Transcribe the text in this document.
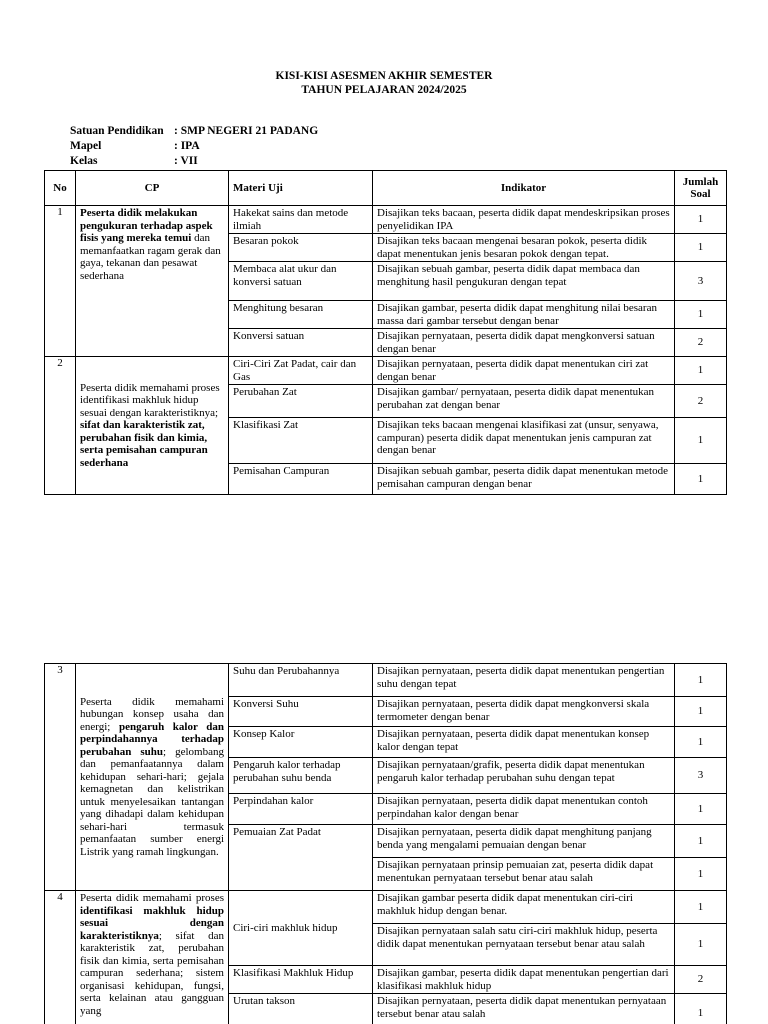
KISI-KISI ASESMEN AKHIR SEMESTER
TAHUN PELAJARAN 2024/2025
Satuan Pendidikan : SMP NEGERI 21 PADANG
Mapel	: IPA
Kelas	: VII
No	CP	Materi Uji	Indikator	Jumlah Soal
1	Peserta didik melakukan pengukuran terhadap aspek fisis yang mereka temui dan memanfaatkan ragam gerak dan gaya, tekanan dan pesawat sederhana	Hakekat sains dan metode ilmiah	Disajikan teks bacaan, peserta didik dapat mendeskripsikan proses penyelidikan IPA	1
		Besaran pokok	Disajikan teks bacaan mengenai besaran pokok, peserta didik dapat menentukan jenis besaran pokok dengan tepat.	1
		Membaca alat ukur dan konversi satuan	Disajikan sebuah gambar, peserta didik dapat membaca dan menghitung hasil pengukuran dengan tepat	3
		Menghitung besaran	Disajikan gambar, peserta didik dapat menghitung nilai besaran massa dari gambar tersebut dengan benar	1
		Konversi satuan	Disajikan pernyataan, peserta didik dapat mengkonversi satuan dengan benar	2
2	Peserta didik memahami proses identifikasi makhluk hidup sesuai dengan karakteristiknya; sifat dan karakteristik zat, perubahan fisik dan kimia, serta pemisahan campuran sederhana	Ciri-Ciri Zat Padat, cair dan Gas	Disajikan pernyataan, peserta didik dapat menentukan ciri zat dengan benar	1
		Perubahan Zat	Disajikan gambar/ pernyataan, peserta didik dapat menentukan perubahan zat dengan benar	2
		Klasifikasi Zat	Disajikan teks bacaan mengenai klasifikasi zat (unsur, senyawa, campuran) peserta didik dapat menentukan jenis campuran zat dengan benar	1
		Pemisahan Campuran	Disajikan sebuah gambar, peserta didik dapat menentukan metode pemisahan campuran dengan benar	1
3	Peserta didik memahami hubungan konsep usaha dan energi; pengaruh kalor dan perpindahannya terhadap perubahan suhu; gelombang dan pemanfaatannya dalam kehidupan sehari-hari; gejala kemagnetan dan kelistrikan untuk menyelesaikan tantangan yang dihadapi dalam kehidupan sehari-hari termasuk pemanfaatan sumber energi Listrik yang ramah lingkungan.	Suhu dan Perubahannya	Disajikan pernyataan, peserta didik dapat menentukan pengertian suhu dengan tepat	1
		Konversi Suhu	Disajikan pernyataan, peserta didik dapat mengkonversi skala termometer dengan benar	1
		Konsep Kalor	Disajikan pernyataan, peserta didik dapat menentukan konsep kalor dengan tepat	1
		Pengaruh kalor terhadap perubahan suhu benda	Disajikan pernyataan/grafik, peserta didik dapat menentukan pengaruh kalor terhadap perubahan suhu dengan tepat	3
		Perpindahan kalor	Disajikan pernyataan, peserta didik dapat menentukan contoh perpindahan kalor dengan benar	1
		Pemuaian Zat Padat	Disajikan pernyataan, peserta didik dapat menghitung panjang benda yang mengalami pemuaian dengan benar	1
			Disajikan pernyataan prinsip pemuaian zat, peserta didik dapat menentukan pernyataan tersebut benar atau salah	1
4	Peserta didik memahami proses identifikasi makhluk hidup sesuai dengan karakteristiknya; sifat dan karakteristik zat, perubahan fisik dan kimia, serta pemisahan campuran sederhana; sistem organisasi kehidupan, fungsi, serta kelainan atau gangguan yang	Ciri-ciri makhluk hidup	Disajikan gambar peserta didik dapat menentukan ciri-ciri makhluk hidup dengan benar.	1
			Disajikan pernyataan salah satu ciri-ciri makhluk hidup, peserta didik dapat menentukan pernyataan tersebut benar atau salah	1
		Klasifikasi Makhluk Hidup	Disajikan gambar, peserta didik dapat menentukan pengertian dari klasifikasi makhluk hidup	2
		Urutan takson	Disajikan pernyataan, peserta didik dapat menentukan pernyataan tersebut benar atau salah	1
